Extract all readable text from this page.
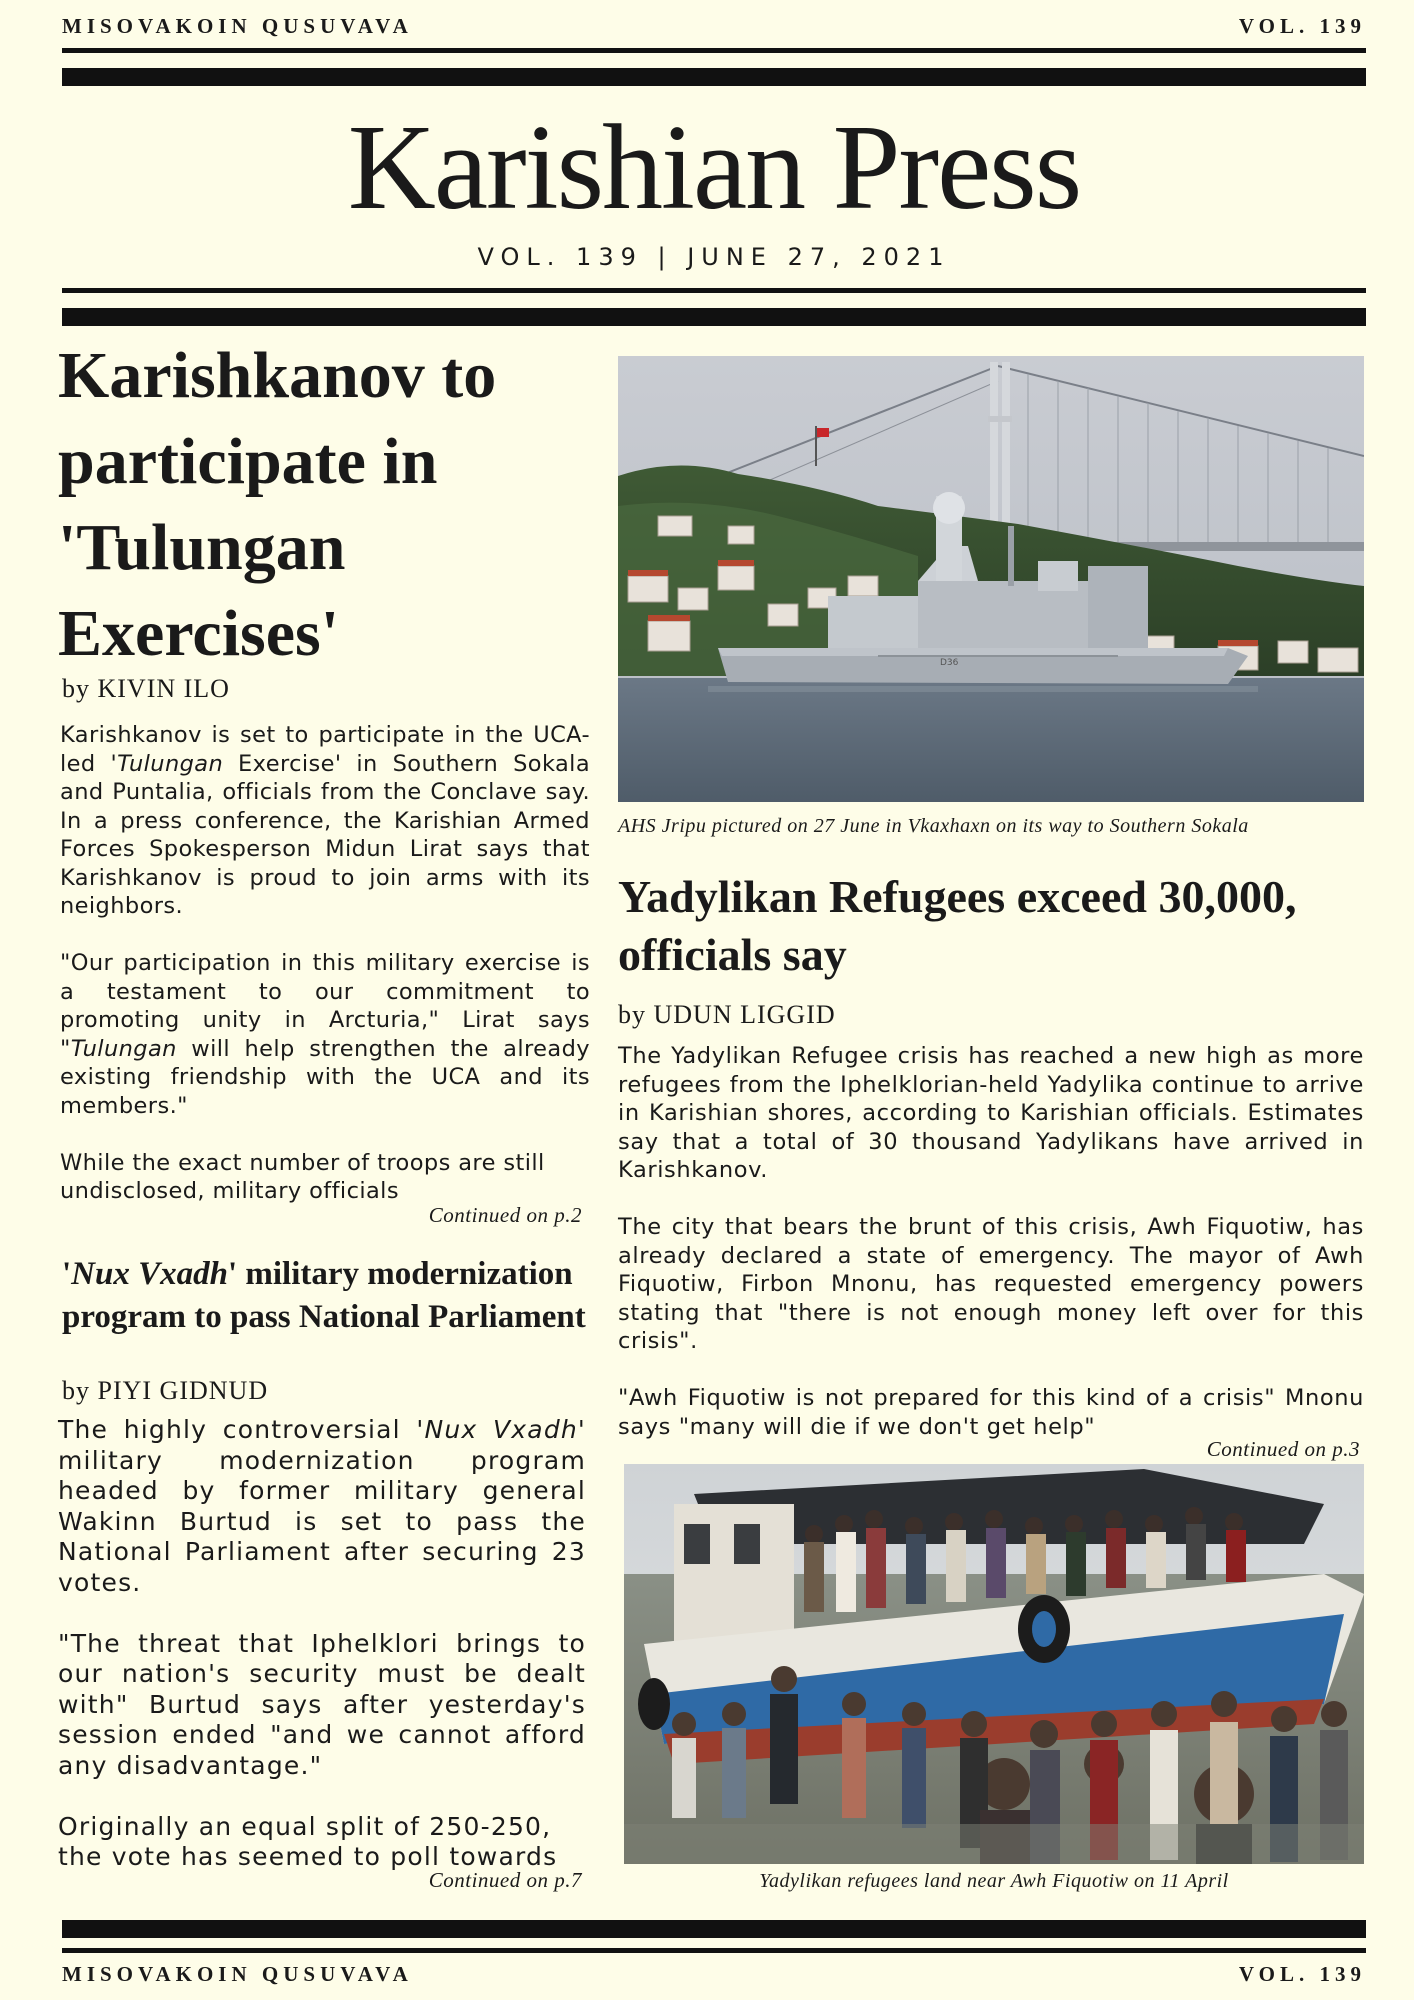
MISOVAKOIN QUSUVAVA	VOL. 139
Karishian Press
VOL. 139 | JUNE 27, 2021
Karishkanov to participate in 'Tulungan Exercises'
by KIVIN ILO

Karishkanov is set to participate in the UCA-led 'Tulungan Exercise' in Southern Sokala and Puntalia, officials from the Conclave say. In a press conference, the Karishian Armed Forces Spokesperson Midun Lirat says that Karishkanov is proud to join arms with its neighbors.

"Our participation in this military exercise is a testament to our commitment to promoting unity in Arcturia," Lirat says "Tulungan will help strengthen the already existing friendship with the UCA and its members."

While the exact number of troops are still undisclosed, military officials

Continued on p.2
'Nux Vxadh' military modernization program to pass National Parliament
by PIYI GIDNUD

The highly controversial 'Nux Vxadh' military modernization program headed by former military general Wakinn Burtud is set to pass the National Parliament after securing 23 votes.

"The threat that Iphelklori brings to our nation's security must be dealt with" Burtud says after yesterday's session ended "and we cannot afford any disadvantage."

Originally an equal split of 250-250, the vote has seemed to poll towards

Continued on p.7
D36
AHS Jripu pictured on 27 June in Vkaxhaxn on its way to Southern Sokala
Yadylikan Refugees exceed 30,000, officials say
by UDUN LIGGID

The Yadylikan Refugee crisis has reached a new high as more refugees from the Iphelklorian-held Yadylika continue to arrive in Karishian shores, according to Karishian officials. Estimates say that a total of 30 thousand Yadylikans have arrived in Karishkanov.

The city that bears the brunt of this crisis, Awh Fiquotiw, has already declared a state of emergency. The mayor of Awh Fiquotiw, Firbon Mnonu, has requested emergency powers stating that "there is not enough money left over for this crisis".

"Awh Fiquotiw is not prepared for this kind of a crisis" Mnonu says "many will die if we don't get help"

Continued on p.3
Yadylikan refugees land near Awh Fiquotiw on 11 April
MISOVAKOIN QUSUVAVA	VOL. 139
